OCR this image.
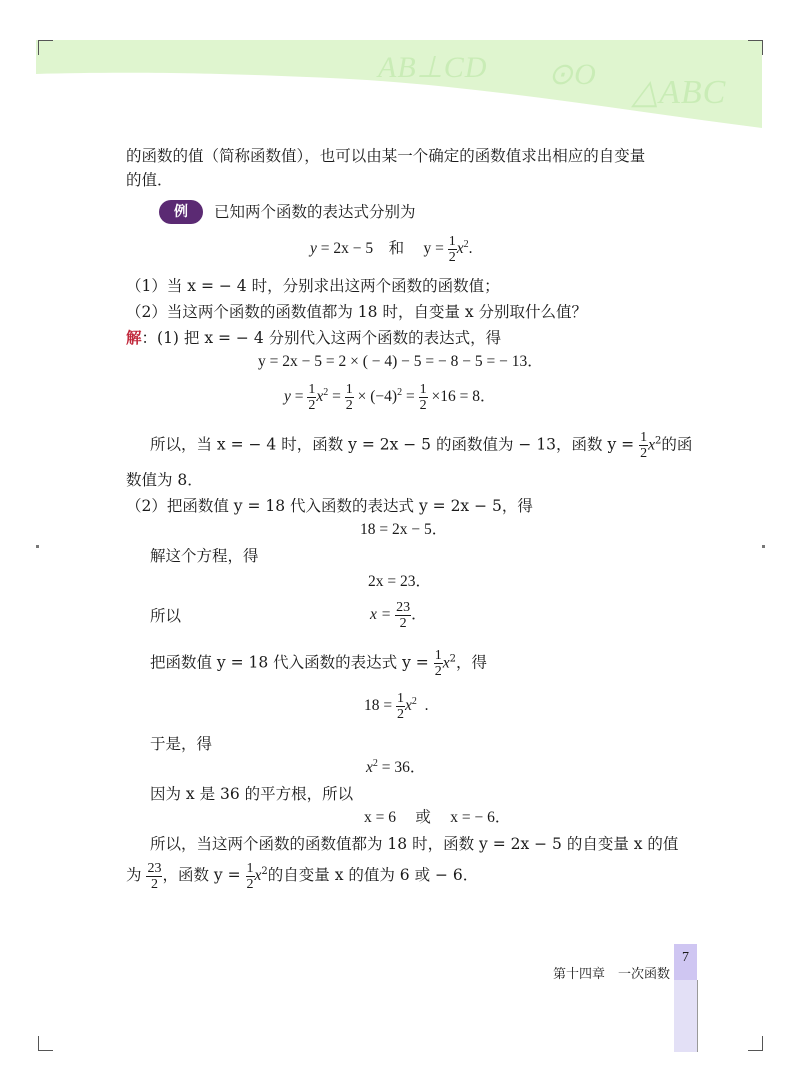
AB⊥CD ⊙O △ABC
的函数的值（简称函数值），也可以由某一个确定的函数值求出相应的自变量
的值．
例	已知两个函数的表达式分别为
y = 2x − 5 和 $y = \frac{1}{2} x^2$.
（1）当 x = − 4 时，分别求出这两个函数的函数值；
（2）当这两个函数的函数值都为 18 时，自变量 x 分别取什么值？
解：(1) 把 x = − 4 分别代入这两个函数的表达式，得
y = 2x − 5 = 2 × ( − 4) − 5 = − 8 − 5 = − 13．
$y = \frac{1}{2} x^2 = \frac{1}{2} \times (-4)^2 = \frac{1}{2} \times 16 = 8$．
所以，当 x = − 4 时，函数 y = 2x − 5 的函数值为 − 13，函数 $y = \frac{1}{2} x^2$的函
数值为 8．
（2）把函数值 y = 18 代入函数的表达式 y = 2x − 5，得
18 = 2x − 5．
解这个方程，得
2x = 23．
所以	$x = \frac{23}{2}$ ．
把函数值 y = 18 代入函数的表达式 $y = \frac{1}{2} x^2$，得
$18 = \frac{1}{2} x^2$  .
于是，得
$x^2 = 36$．
因为 x 是 36 的平方根，所以
x = 6　 或 　x = − 6．
所以，当这两个函数的函数值都为 18 时，函数 y = 2x − 5 的自变量 x 的值
为 $\frac{23}{2}$ ，函数 $y = \frac{1}{2} x^2$的自变量 x 的值为 6 或 − 6．
第十四章　一次函数
7
